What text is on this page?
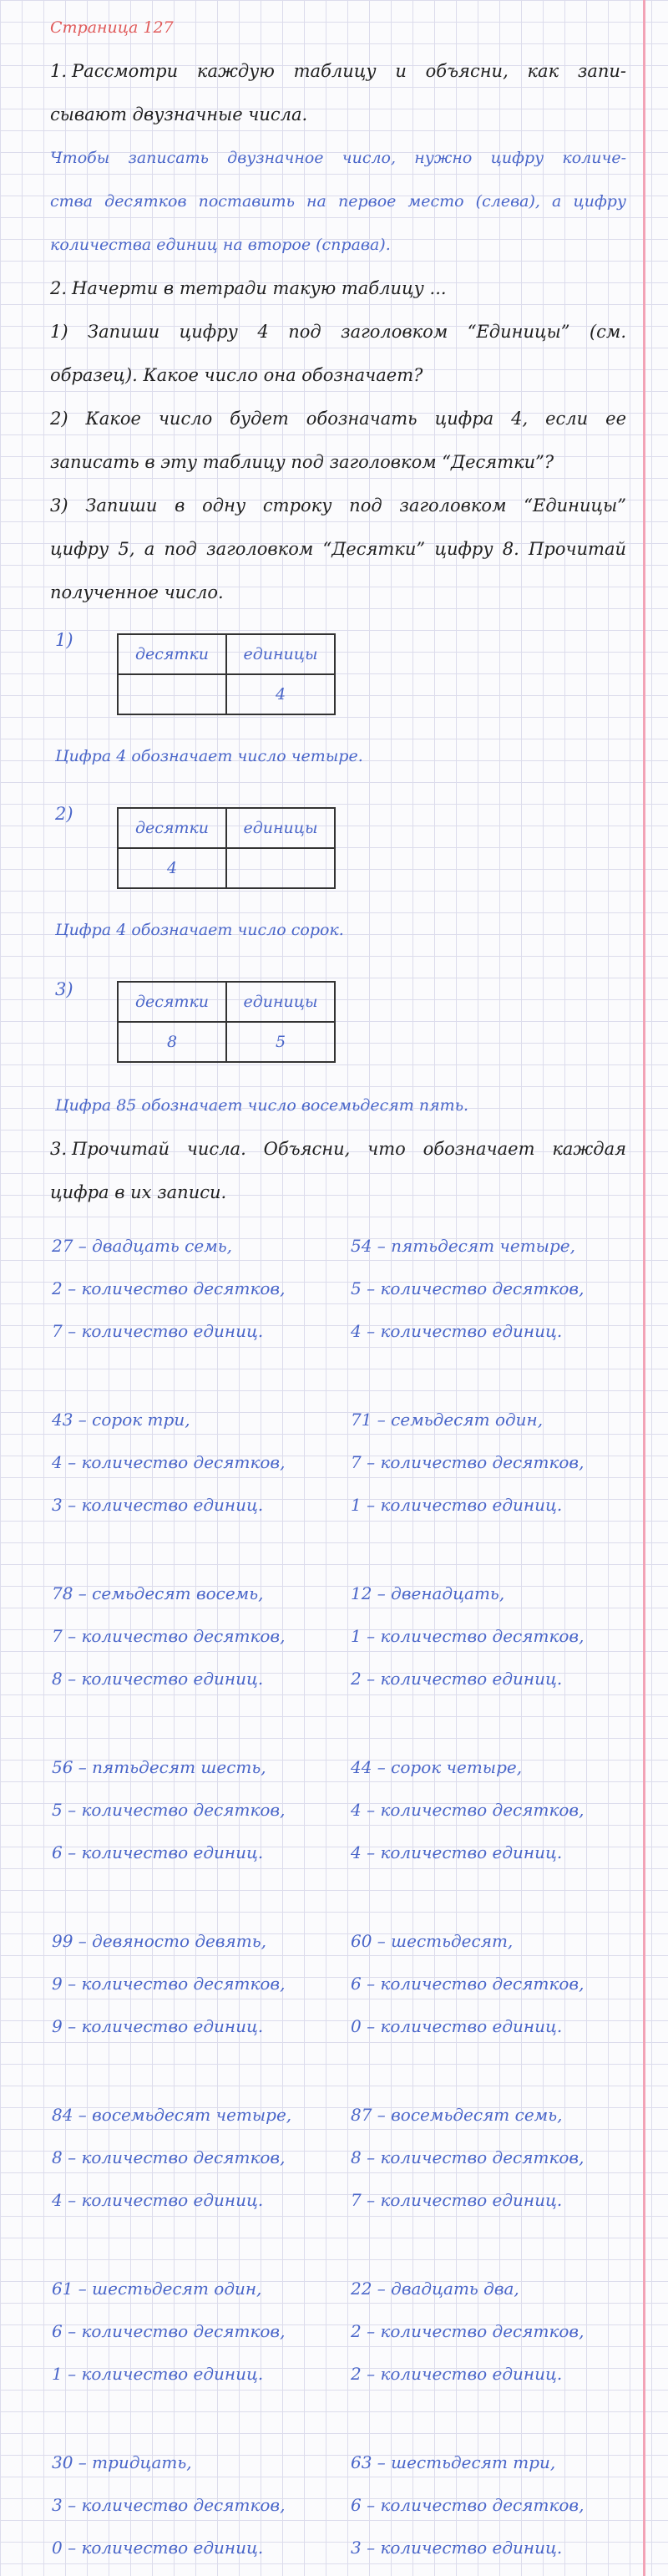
Страница 127
1. Рассмотри каждую таблицу и объясни, как запи-
сывают двузначные числа.
Чтобы записать двузначное число, нужно цифру количе-
ства десятков поставить на первое место (слева), а цифру
количества единиц на второе (справа).
2. Начерти в тетради такую таблицу ...
1) Запиши цифру 4 под заголовком “Единицы” (см.
образец). Какое число она обозначает?
2) Какое число будет обозначать цифра 4, если ее
записать в эту таблицу под заголовком “Десятки”?
3) Запиши в одну строку под заголовком “Единицы”
цифру 5, а под заголовком “Десятки” цифру 8. Прочитай
полученное число.
1)
десятки	единицы
	4
Цифра 4 обозначает число четыре.
2)
десятки	единицы
4	
Цифра 4 обозначает число сорок.
3)
десятки	единицы
8	5
Цифра 85 обозначает число восемьдесят пять.
3. Прочитай числа. Объясни, что обозначает каждая
цифра в их записи.
27 – двадцать семь,
2 – количество десятков,
7 – количество единиц.
54 – пятьдесят четыре,
5 – количество десятков,
4 – количество единиц.
43 – сорок три,
4 – количество десятков,
3 – количество единиц.
71 – семьдесят один,
7 – количество десятков,
1 – количество единиц.
78 – семьдесят восемь,
7 – количество десятков,
8 – количество единиц.
12 – двенадцать,
1 – количество десятков,
2 – количество единиц.
56 – пятьдесят шесть,
5 – количество десятков,
6 – количество единиц.
44 – сорок четыре,
4 – количество десятков,
4 – количество единиц.
99 – девяносто девять,
9 – количество десятков,
9 – количество единиц.
60 – шестьдесят,
6 – количество десятков,
0 – количество единиц.
84 – восемьдесят четыре,
8 – количество десятков,
4 – количество единиц.
87 – восемьдесят семь,
8 – количество десятков,
7 – количество единиц.
61 – шестьдесят один,
6 – количество десятков,
1 – количество единиц.
22 – двадцать два,
2 – количество десятков,
2 – количество единиц.
30 – тридцать,
3 – количество десятков,
0 – количество единиц.
63 – шестьдесят три,
6 – количество десятков,
3 – количество единиц.
